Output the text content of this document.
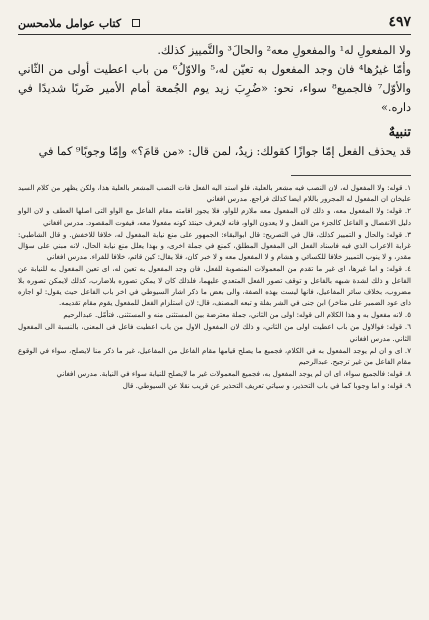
٤٩٧
كتاب عوامل ملامحسن

ولا المفعولِ له¹ والمفعولِ معه² والحالَ³ والتَّمييز كذلك.

وأمّا غيرُها⁴ فان وجد المفعول به تعيّن له،⁵ والاوّلُ⁶ من باب اعطيت أولى من الثّاني والأوّل⁷ فالجميع⁸ سواء، نحو: «ضُرِبَ زيد يوم الجُمعة أمام الأمير ضَربًا شديدًا في داره.»

تنبيهٌ

قد يحذف الفعل إمّا جوازًا كقولك: زيدٌ، لمن قال: «من قامَ؟» وإمّا وجوبًا⁹ كما في

١. قوله: ولا المفعول له، لان النصب فيه مشعر بالعلية، فلو اسند اليه الفعل فات النصب المشعر بالعلية هذا، ولكن يظهر من كلام السيد عليخان ان المفعول له المجرور باللام ايضا كذلك فراجع. مدرس افغاني

٢. قوله: ولا المفعول معه، و ذلك لان المفعول معه ملازم للواو، فلا يجوز اقامته مقام الفاعل مع الواو التى اصلها العطف و لان الواو دليل الانفصال و الفاعل كالجزء من الفعل و لا يعدون الواو، فانه لايعرف حينئذ كونه مفعولا معه، فيفوت المقصود. مدرس افغاني

٣. قوله: والحال و التمييز كذلك، قال في التصريح: قال ابوالبقاء: الجمهور على منع نيابة المفعول له، خلافا للاخفش. و قال الشاطبي: غرابة الاعراب الذي فيه فاسناد الفعل الى المفعول المطلق، كمنع في جملة اخرى، و بهذا يعلل منع نيابة الحال، لانه مبني على سؤال مقدر، و لا ينوب التمييز خلافا للكسائي و هشام و لا المفعول معه و لا خبر كان، فلا يقال: كين قائم، خلافا للفراء. مدرس افغاني

٤. قوله: و اما غيرها، اى غير ما تقدم من المعمولات المنصوبة للفعل، فان وجد المفعول به تعين له، اى تعين المفعول به للنيابة عن الفاعل و ذلك لشدة شبهه بالفاعل و توقف تصور الفعل المتعدي عليهما، فلذلك كان لا يمكن تصوره بلاضارب، كذلك لايمكن تصوره بلا مضروب، بخلاف سائر المفاعيل، فانها ليست بهذه الصفة، والى بعض ما ذكر اشار السيوطي في اخر باب الفاعل حيث يقول: لو اجازه ذاى عود الضمير على متاخر) ابن جنى في الشر بفلة و تبعه المصنف، قال: لان استلزام الفعل للمفعول يقوم مقام تقديمه.

٥. لانه مفعول به و هذا الكلام الى قوله: اولى من الثاني، جملة معترضة بين المستثنى منه و المستثنى. فتأمّل. عبدالرحيم

٦. قوله: فوالاول من باب اعطيت اولى من الثاني، و ذلك لان المفعول الاول من باب اعطيت فاعل فى المعنى، بالنسبة الى المفعول الثاني. مدرس افغاني

٧. اى و ان لم يوجد المفعول به في الكلام، فجميع ما يصلح قيامها مقام الفاعل من المفاعيل، غير ما ذكر منا لايصلح، سواء في الوقوع مقام الفاعل من غير ترجيح. عبدالرحيم

٨. قوله: فالجميع سواء، اى ان لم يوجد المفعول به، فجميع المعمولات غير ما لايصلح للنيابة سواء في النيابة. مدرس افغاني

٩. قوله: و اما وجوبا كما في باب التحذير، و سياتي تعريف التحذير عن قريب نقلا عن السيوطي. قال
